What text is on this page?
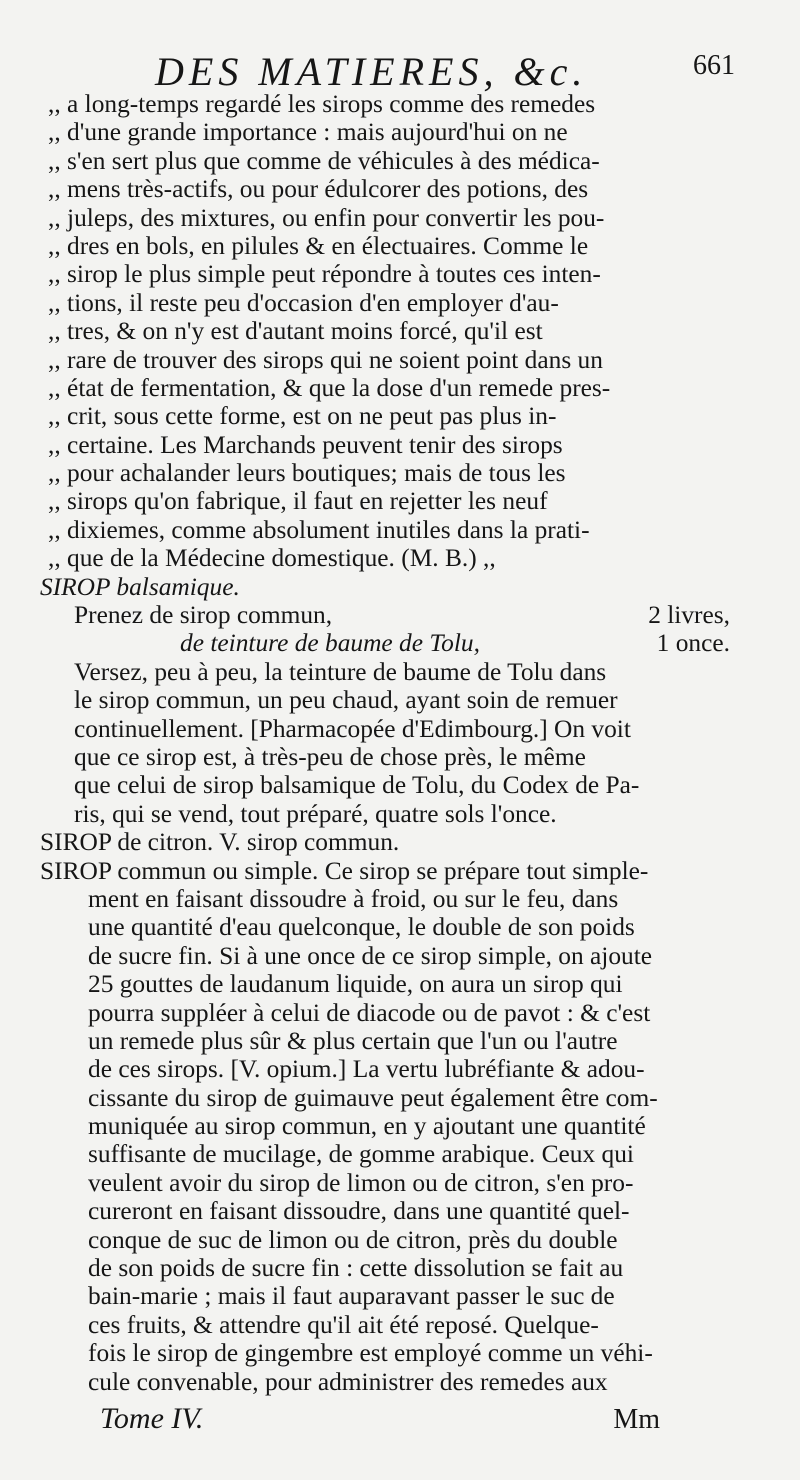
DES MATIERES, &c.	661
,, a long-temps regardé les sirops comme des remedes
,, d'une grande importance : mais aujourd'hui on ne
,, s'en sert plus que comme de véhicules à des médica-
,, mens très-actifs, ou pour édulcorer des potions, des
,, juleps, des mixtures, ou enfin pour convertir les pou-
,, dres en bols, en pilules & en électuaires. Comme le
,, sirop le plus simple peut répondre à toutes ces inten-
,, tions, il reste peu d'occasion d'en employer d'au-
,, tres, & on n'y est d'autant moins forcé, qu'il est
,, rare de trouver des sirops qui ne soient point dans un
,, état de fermentation, & que la dose d'un remede pres-
,, crit, sous cette forme, est on ne peut pas plus in-
,, certaine. Les Marchands peuvent tenir des sirops
,, pour achalander leurs boutiques; mais de tous les
,, sirops qu'on fabrique, il faut en rejetter les neuf
,, dixiemes, comme absolument inutiles dans la prati-
,, que de la Médecine domestique. (M. B.) ,,
SIROP balsamique.
Prenez de sirop commun,	2 livres,
de teinture de baume de Tolu,	1 once.
Versez, peu à peu, la teinture de baume de Tolu dans
le sirop commun, un peu chaud, ayant soin de remuer
continuellement. [Pharmacopée d'Edimbourg.] On voit
que ce sirop est, à très-peu de chose près, le même
que celui de sirop balsamique de Tolu, du Codex de Pa-
ris, qui se vend, tout préparé, quatre sols l'once.
SIROP de citron. V. sirop commun.
SIROP commun ou simple. Ce sirop se prépare tout simple-
ment en faisant dissoudre à froid, ou sur le feu, dans
une quantité d'eau quelconque, le double de son poids
de sucre fin. Si à une once de ce sirop simple, on ajoute
25 gouttes de laudanum liquide, on aura un sirop qui
pourra suppléer à celui de diacode ou de pavot : & c'est
un remede plus sûr & plus certain que l'un ou l'autre
de ces sirops. [V. opium.] La vertu lubréfiante & adou-
cissante du sirop de guimauve peut également être com-
muniquée au sirop commun, en y ajoutant une quantité
suffisante de mucilage, de gomme arabique. Ceux qui
veulent avoir du sirop de limon ou de citron, s'en pro-
cureront en faisant dissoudre, dans une quantité quel-
conque de suc de limon ou de citron, près du double
de son poids de sucre fin : cette dissolution se fait au
bain-marie ; mais il faut auparavant passer le suc de
ces fruits, & attendre qu'il ait été reposé. Quelque-
fois le sirop de gingembre est employé comme un véhi-
cule convenable, pour administrer des remedes aux
Tome IV.	Mm
